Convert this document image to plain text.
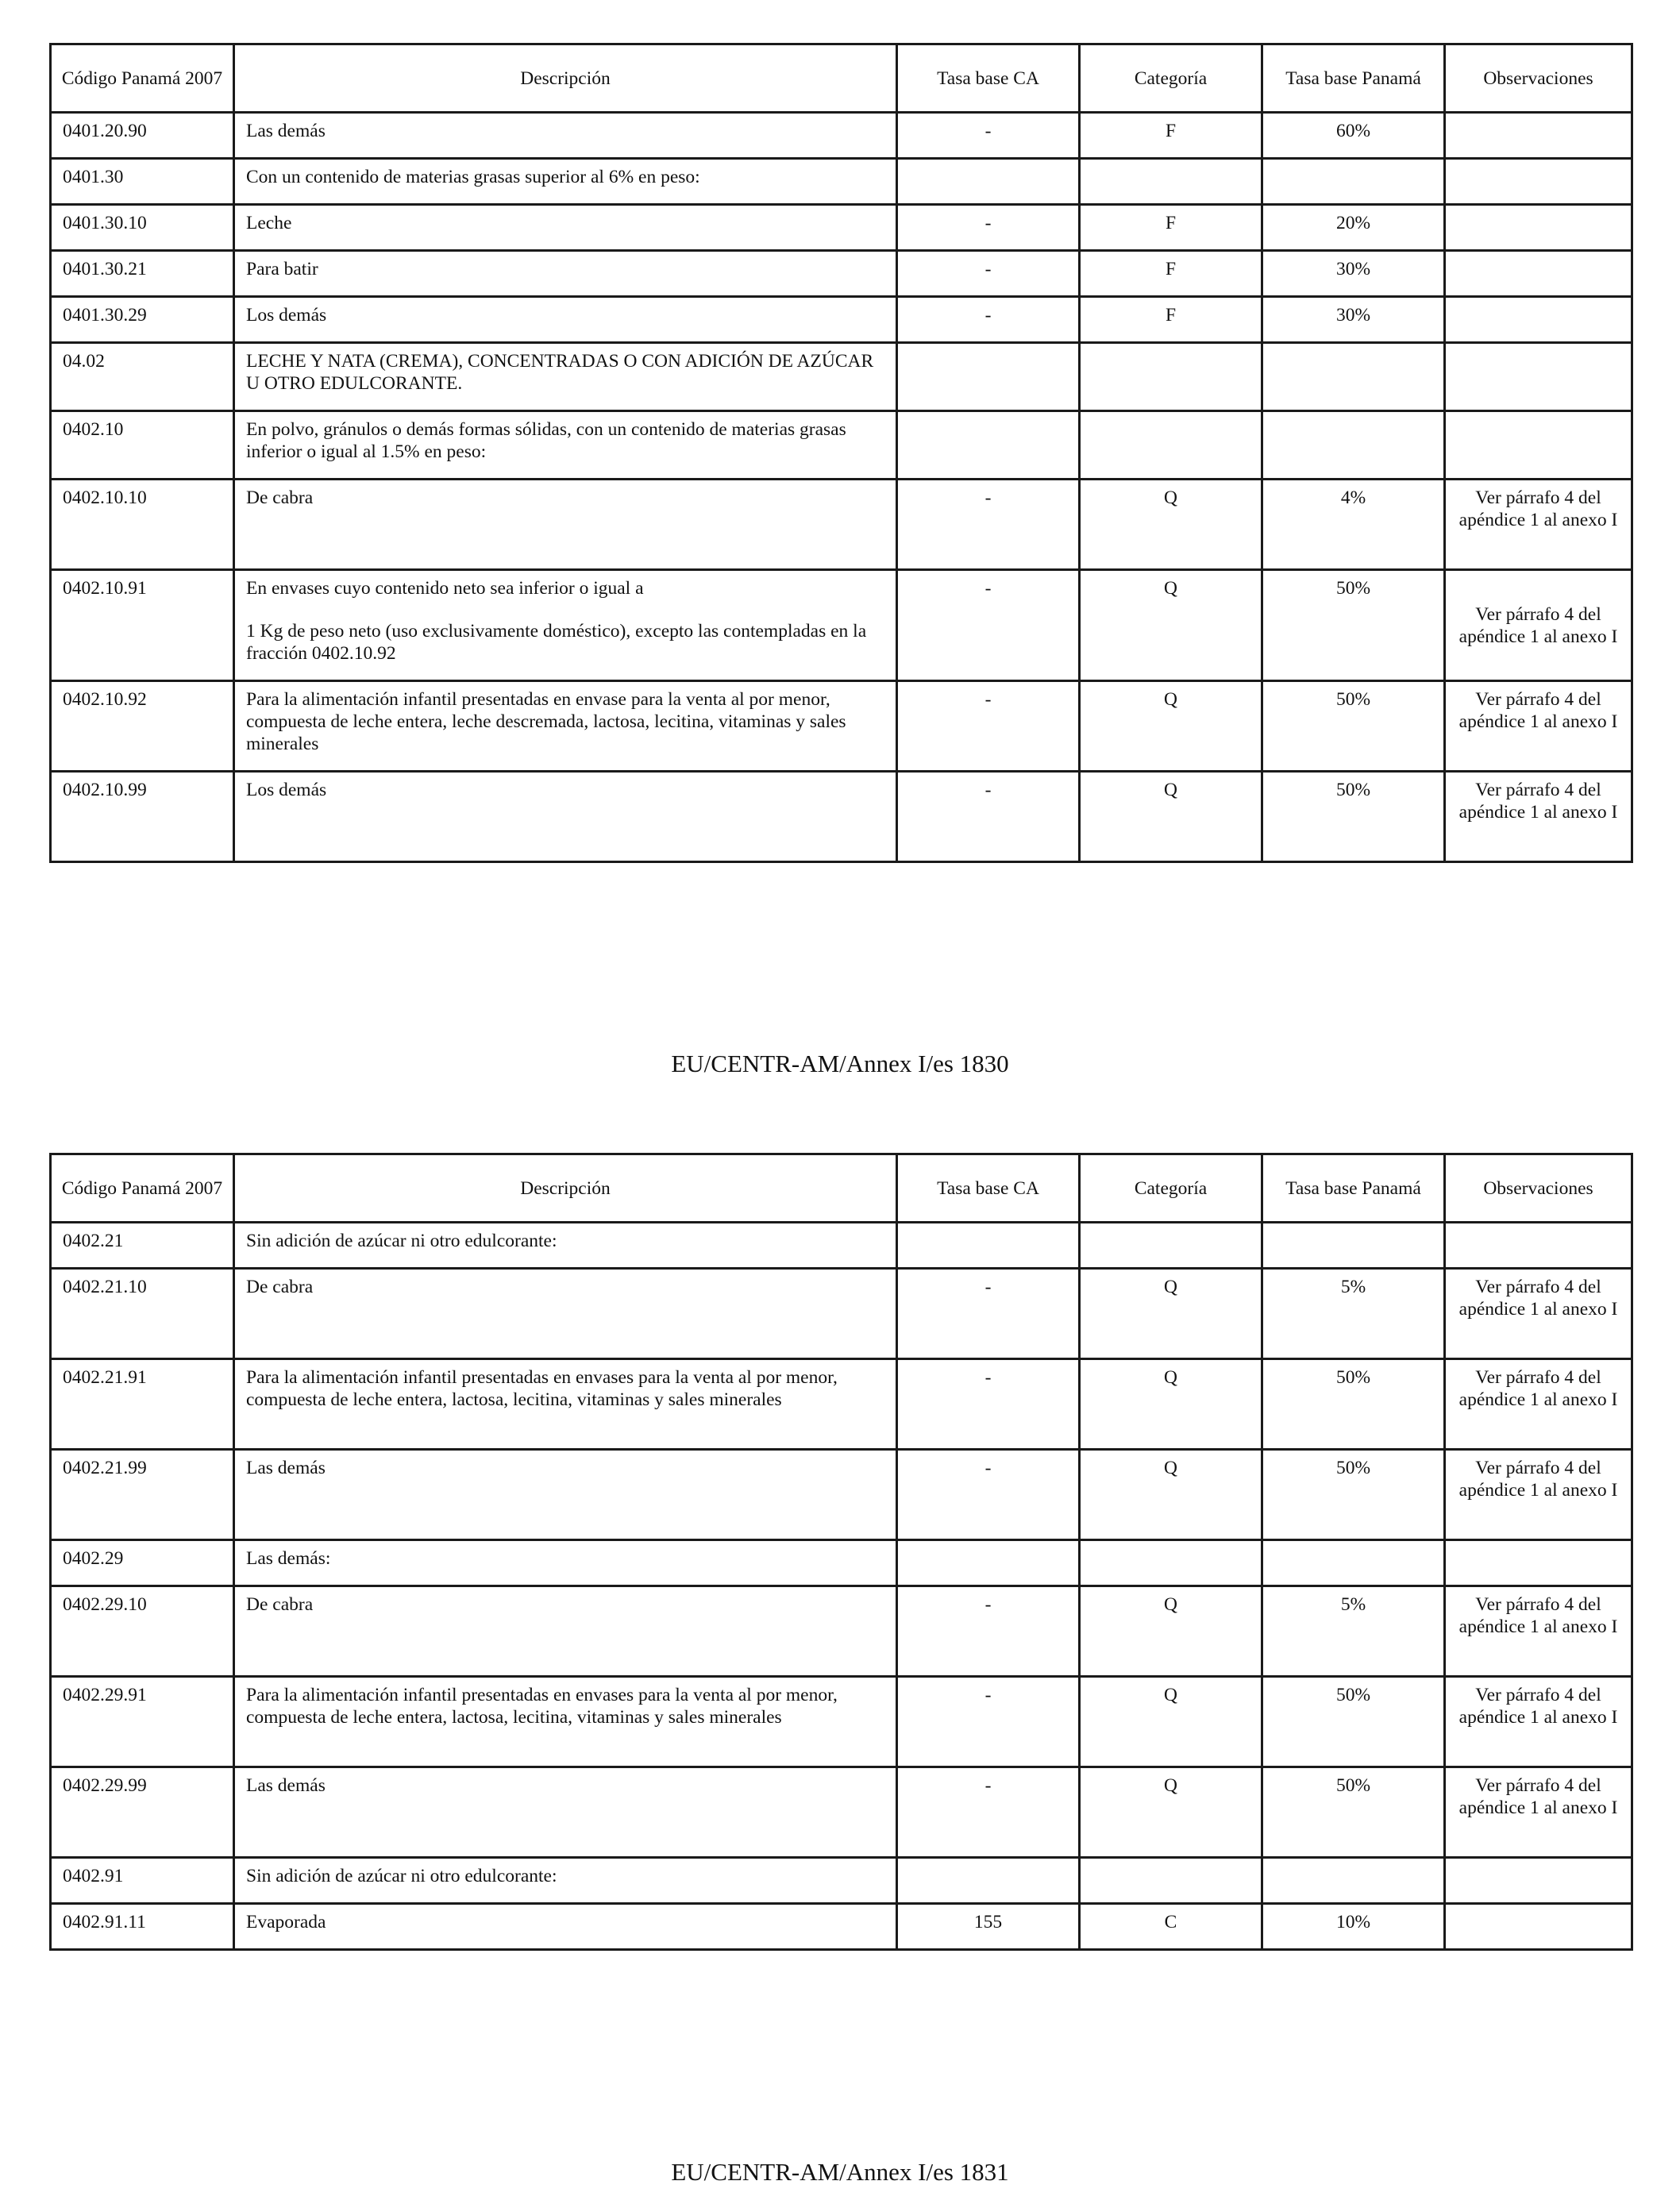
Código Panamá 2007	Descripción	Tasa base CA	Categoría	Tasa base Panamá	Observaciones
0401.20.90	Las demás	-	F	60%	
0401.30	Con un contenido de materias grasas superior al 6% en peso:				
0401.30.10	Leche	-	F	20%	
0401.30.21	Para batir	-	F	30%	
0401.30.29	Los demás	-	F	30%	
04.02	LECHE Y NATA (CREMA), CONCENTRADAS O CON ADICIÓN DE AZÚCAR U OTRO EDULCORANTE.				
0402.10	En polvo, gránulos o demás formas sólidas, con un contenido de materias grasas inferior o igual al 1.5% en peso:				
0402.10.10	De cabra	-	Q	4%	Ver párrafo 4 del apéndice 1 al anexo I
0402.10.91	En envases cuyo contenido neto sea inferior o igual a

1 Kg de peso neto (uso exclusivamente doméstico), excepto las contempladas en la fracción 0402.10.92	-	Q	50%	Ver párrafo 4 del apéndice 1 al anexo I
0402.10.92	Para la alimentación infantil presentadas en envase para la venta al por menor, compuesta de leche entera, leche descremada, lactosa, lecitina, vitaminas y sales minerales	-	Q	50%	Ver párrafo 4 del apéndice 1 al anexo I
0402.10.99	Los demás	-	Q	50%	Ver párrafo 4 del apéndice 1 al anexo I
EU/CENTR-AM/Annex I/es 1830
Código Panamá 2007	Descripción	Tasa base CA	Categoría	Tasa base Panamá	Observaciones
0402.21	Sin adición de azúcar ni otro edulcorante:				
0402.21.10	De cabra	-	Q	5%	Ver párrafo 4 del apéndice 1 al anexo I
0402.21.91	Para la alimentación infantil presentadas en envases para la venta al por menor, compuesta de leche entera, lactosa, lecitina, vitaminas y sales minerales	-	Q	50%	Ver párrafo 4 del apéndice 1 al anexo I
0402.21.99	Las demás	-	Q	50%	Ver párrafo 4 del apéndice 1 al anexo I
0402.29	Las demás:				
0402.29.10	De cabra	-	Q	5%	Ver párrafo 4 del apéndice 1 al anexo I
0402.29.91	Para la alimentación infantil presentadas en envases para la venta al por menor, compuesta de leche entera, lactosa, lecitina, vitaminas y sales minerales	-	Q	50%	Ver párrafo 4 del apéndice 1 al anexo I
0402.29.99	Las demás	-	Q	50%	Ver párrafo 4 del apéndice 1 al anexo I
0402.91	Sin adición de azúcar ni otro edulcorante:				
0402.91.11	Evaporada	155	C	10%	
EU/CENTR-AM/Annex I/es 1831
